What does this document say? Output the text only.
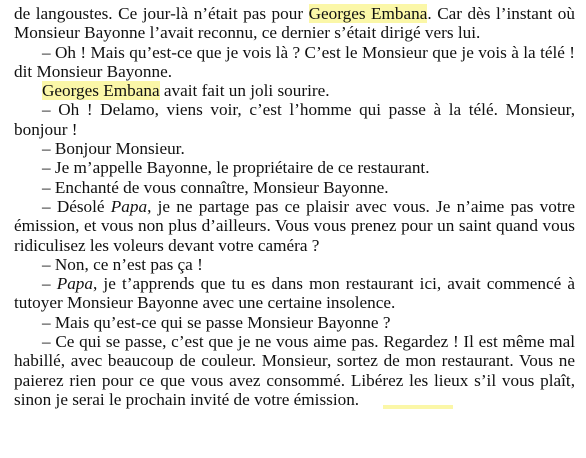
de langoustes. Ce jour-là n’était pas pour Georges Embana. Car dès l’instant où Monsieur Bayonne l’avait reconnu, ce dernier s’était dirigé vers lui.

– Oh ! Mais qu’est-ce que je vois là ? C’est le Monsieur que je vois à la télé ! dit Monsieur Bayonne.

Georges Embana avait fait un joli sourire.

– Oh ! Delamo, viens voir, c’est l’homme qui passe à la télé. Monsieur, bonjour !

– Bonjour Monsieur.

– Je m’appelle Bayonne, le propriétaire de ce restaurant.

– Enchanté de vous connaître, Monsieur Bayonne.

– Désolé Papa, je ne partage pas ce plaisir avec vous. Je n’aime pas votre émission, et vous non plus d’ailleurs. Vous vous prenez pour un saint quand vous ridiculisez les voleurs devant votre caméra ?

– Non, ce n’est pas ça !

– Papa, je t’apprends que tu es dans mon restaurant ici, avait commencé à tutoyer Monsieur Bayonne avec une certaine insolence.

– Mais qu’est-ce qui se passe Monsieur Bayonne ?

– Ce qui se passe, c’est que je ne vous aime pas. Regardez ! Il est même mal habillé, avec beaucoup de couleur. Monsieur, sortez de mon restaurant. Vous ne paierez rien pour ce que vous avez consommé. Libérez les lieux s’il vous plaît, sinon je serai le prochain invité de votre émission.
